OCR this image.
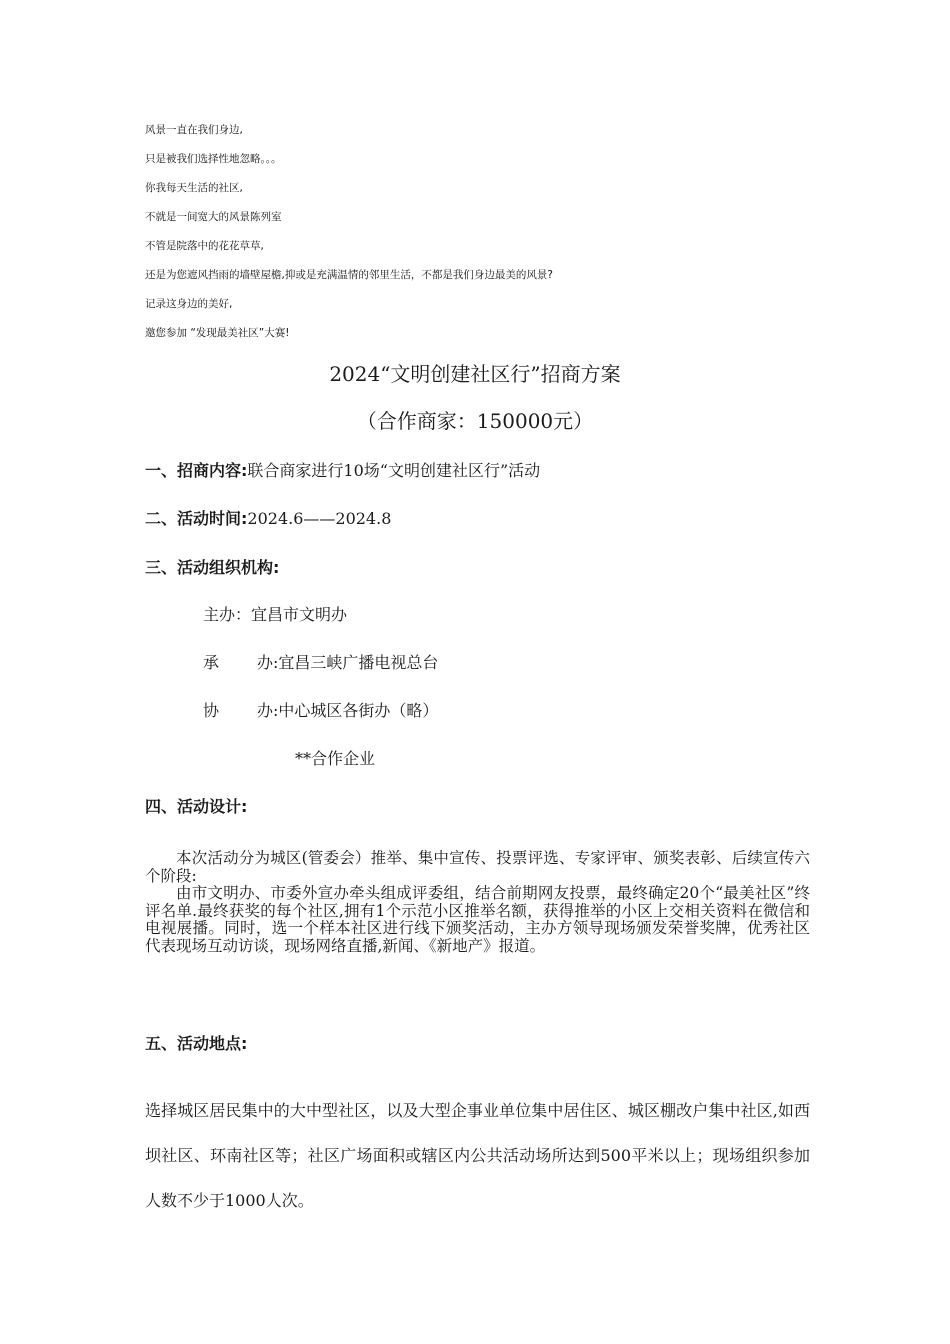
风景一直在我们身边,
只是被我们选择性地忽略。。。
你我每天生活的社区,
不就是一间宽大的风景陈列室
不管是院落中的花花草草,
还是为您遮风挡雨的墙壁屋檐,抑或是充满温情的邻里生活，不都是我们身边最美的风景?
记录这身边的美好,
邀您参加 “发现最美社区”大赛!
2024“文明创建社区行”招商方案
（合作商家：150000元）
一、招商内容:联合商家进行10场“文明创建社区行”活动
二、活动时间:2024.6——2024.8
三、活动组织机构:
主办：宜昌市文明办
承 办:宜昌三峡广播电视总台
协 办:中心城区各街办（略）
**合作企业
四、活动设计:

本次活动分为城区(管委会）推举、集中宣传、投票评选、专家评审、颁奖表彰、后续宣传六个阶段:

由市文明办、市委外宣办牵头组成评委组，结合前期网友投票，最终确定20个“最美社区”终评名单.最终获奖的每个社区,拥有1个示范小区推举名额，获得推举的小区上交相关资料在微信和电视展播。同时，选一个样本社区进行线下颁奖活动，主办方领导现场颁发荣誉奖牌，优秀社区代表现场互动访谈，现场网络直播,新闻、《新地产》报道。

五、活动地点:
选择城区居民集中的大中型社区，以及大型企事业单位集中居住区、城区棚改户集中社区,如西坝社区、环南社区等；社区广场面积或辖区内公共活动场所达到500平米以上；现场组织参加人数不少于1000人次。
